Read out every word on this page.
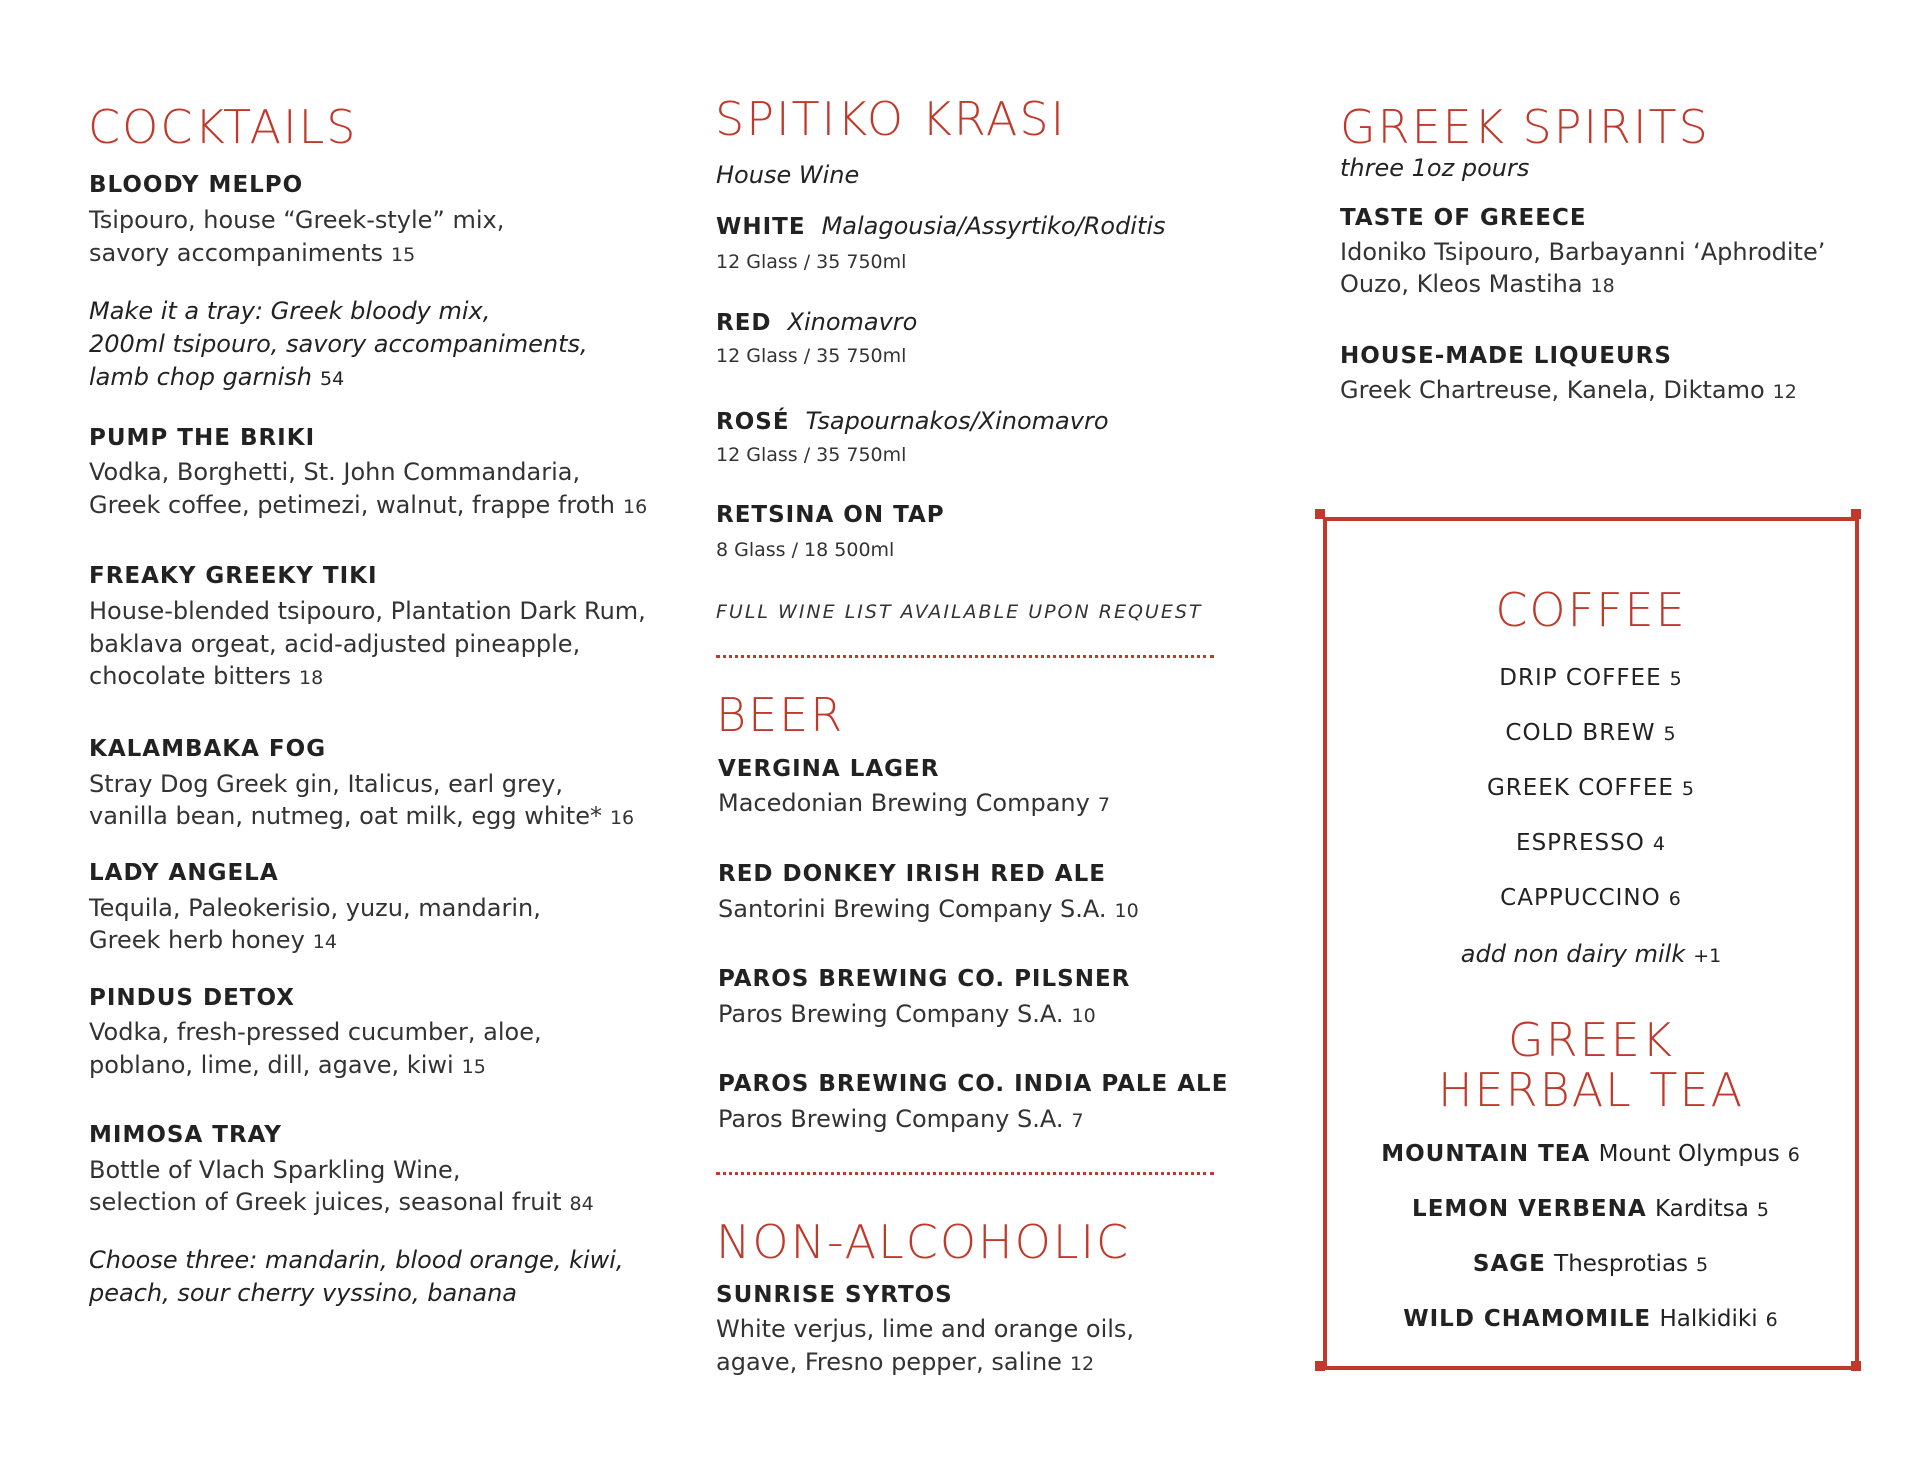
COCKTAILS
BLOODY MELPO
Tsipouro, house “Greek-style” mix,
savory accompaniments 15
Make it a tray: Greek bloody mix,
200ml tsipouro, savory accompaniments,
lamb chop garnish 54
PUMP THE BRIKI
Vodka, Borghetti, St. John Commandaria,
Greek coffee, petimezi, walnut, frappe froth 16
FREAKY GREEKY TIKI
House-blended tsipouro, Plantation Dark Rum,
baklava orgeat, acid-adjusted pineapple,
chocolate bitters 18
KALAMBAKA FOG
Stray Dog Greek gin, Italicus, earl grey,
vanilla bean, nutmeg, oat milk, egg white* 16
LADY ANGELA
Tequila, Paleokerisio, yuzu, mandarin,
Greek herb honey 14
PINDUS DETOX
Vodka, fresh-pressed cucumber, aloe,
poblano, lime, dill, agave, kiwi 15
MIMOSA TRAY
Bottle of Vlach Sparkling Wine,
selection of Greek juices, seasonal fruit 84
Choose three: mandarin, blood orange, kiwi,
peach, sour cherry vyssino, banana
SPITIKO KRASI
House Wine
WHITE Malagousia/Assyrtiko/Roditis
12 Glass / 35 750ml
RED Xinomavro
12 Glass / 35 750ml
ROSÉ Tsapournakos/Xinomavro
12 Glass / 35 750ml
RETSINA ON TAP
8 Glass / 18 500ml
FULL WINE LIST AVAILABLE UPON REQUEST
BEER
VERGINA LAGER
Macedonian Brewing Company 7
RED DONKEY IRISH RED ALE
Santorini Brewing Company S.A. 10
PAROS BREWING CO. PILSNER
Paros Brewing Company S.A. 10
PAROS BREWING CO. INDIA PALE ALE
Paros Brewing Company S.A. 7
NON-ALCOHOLIC
SUNRISE SYRTOS
White verjus, lime and orange oils,
agave, Fresno pepper, saline 12
GREEK SPIRITS
three 1oz pours
TASTE OF GREECE
Idoniko Tsipouro, Barbayanni ‘Aphrodite’
Ouzo, Kleos Mastiha 18
HOUSE-MADE LIQUEURS
Greek Chartreuse, Kanela, Diktamo 12
COFFEE
DRIP COFFEE 5
COLD BREW 5
GREEK COFFEE 5
ESPRESSO 4
CAPPUCCINO 6
add non dairy milk +1
GREEK
HERBAL TEA
MOUNTAIN TEA Mount Olympus 6
LEMON VERBENA Karditsa 5
SAGE Thesprotias 5
WILD CHAMOMILE Halkidiki 6
